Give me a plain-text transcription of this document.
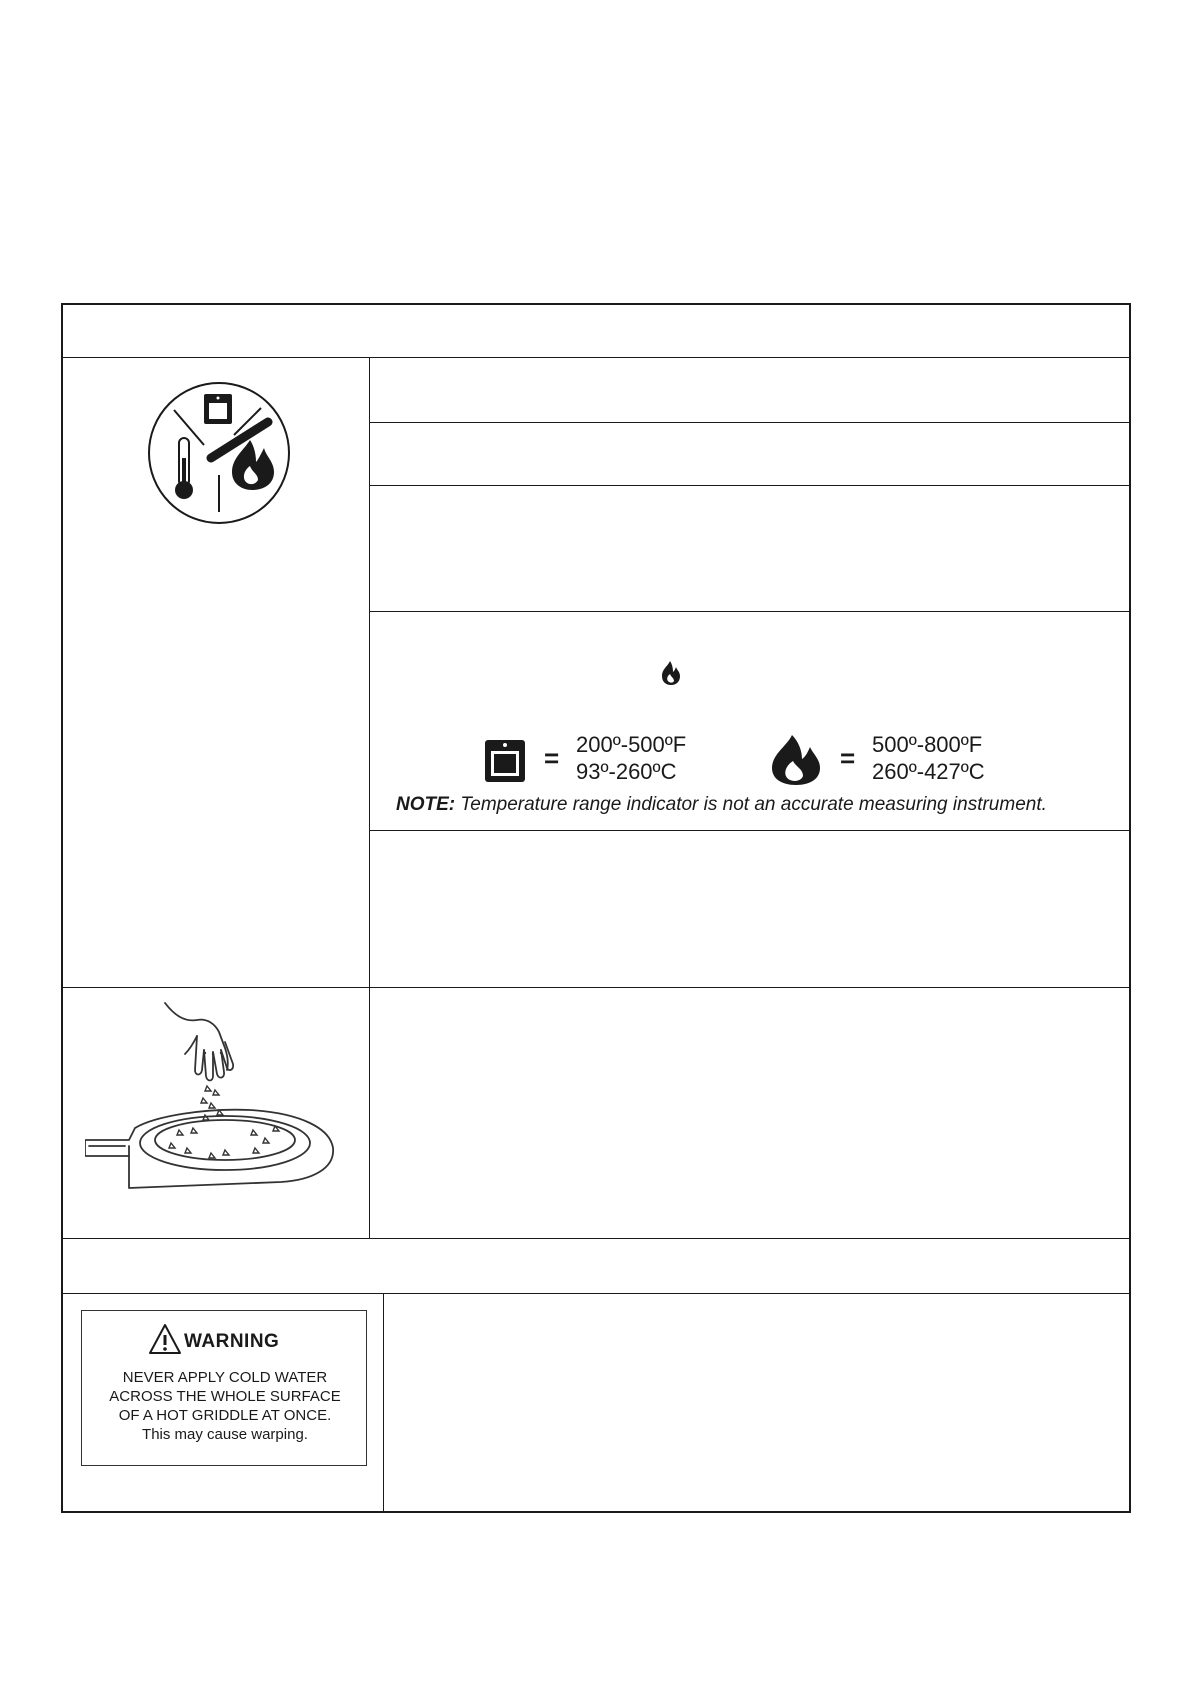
= 200º-500ºF
93º-260ºC	= 500º-800ºF
260º-427ºC
NOTE: Temperature range indicator is not an accurate measuring instrument.
WARNING
NEVER APPLY COLD WATER
ACROSS THE WHOLE SURFACE
OF A HOT GRIDDLE AT ONCE.
This may cause warping.
